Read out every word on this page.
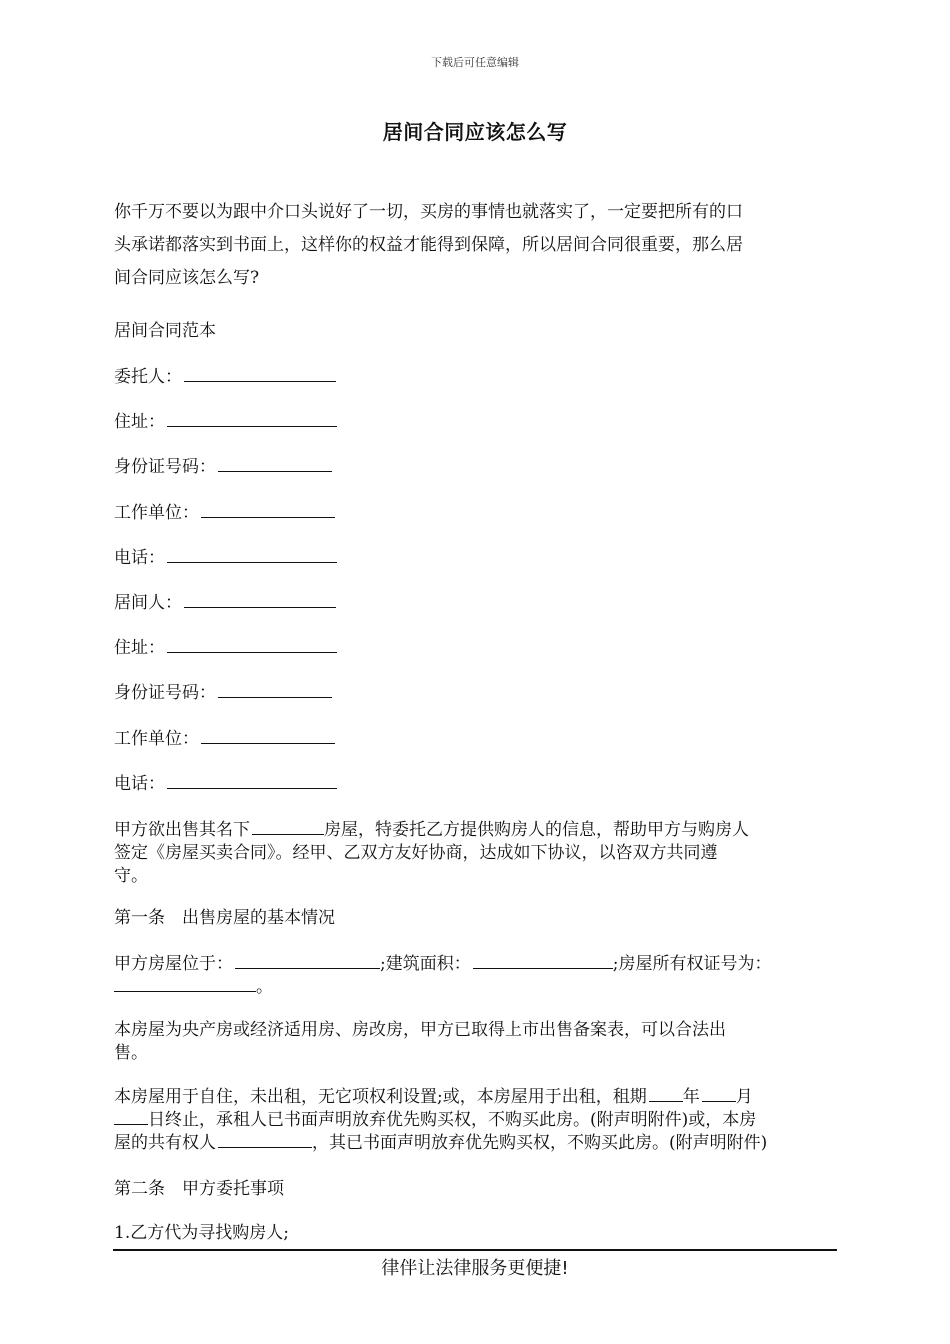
下载后可任意编辑
居间合同应该怎么写
你千万不要以为跟中介口头说好了一切，买房的事情也就落实了，一定要把所有的口
头承诺都落实到书面上，这样你的权益才能得到保障，所以居间合同很重要，那么居
间合同应该怎么写?
居间合同范本
委托人：
住址：
身份证号码：
工作单位：
电话：
居间人：
住址：
身份证号码：
工作单位：
电话：
甲方欲出售其名下	房屋，特委托乙方提供购房人的信息，帮助甲方与购房人
签定《房屋买卖合同》。经甲、乙双方友好协商，达成如下协议，以咨双方共同遵
守。
第一条　出售房屋的基本情况
甲方房屋位于：	;建筑面积：	;房屋所有权证号为：
。
本房屋为央产房或经济适用房、房改房，甲方已取得上市出售备案表，可以合法出
售。
本房屋用于自住，未出租，无它项权利设置;或，本房屋用于出租，租期 年 月
日终止，承租人已书面声明放弃优先购买权，不购买此房。(附声明附件)或，本房
屋的共有权人	，其已书面声明放弃优先购买权，不购买此房。(附声明附件)
第二条　甲方委托事项
1.乙方代为寻找购房人;
律伴让法律服务更便捷!
